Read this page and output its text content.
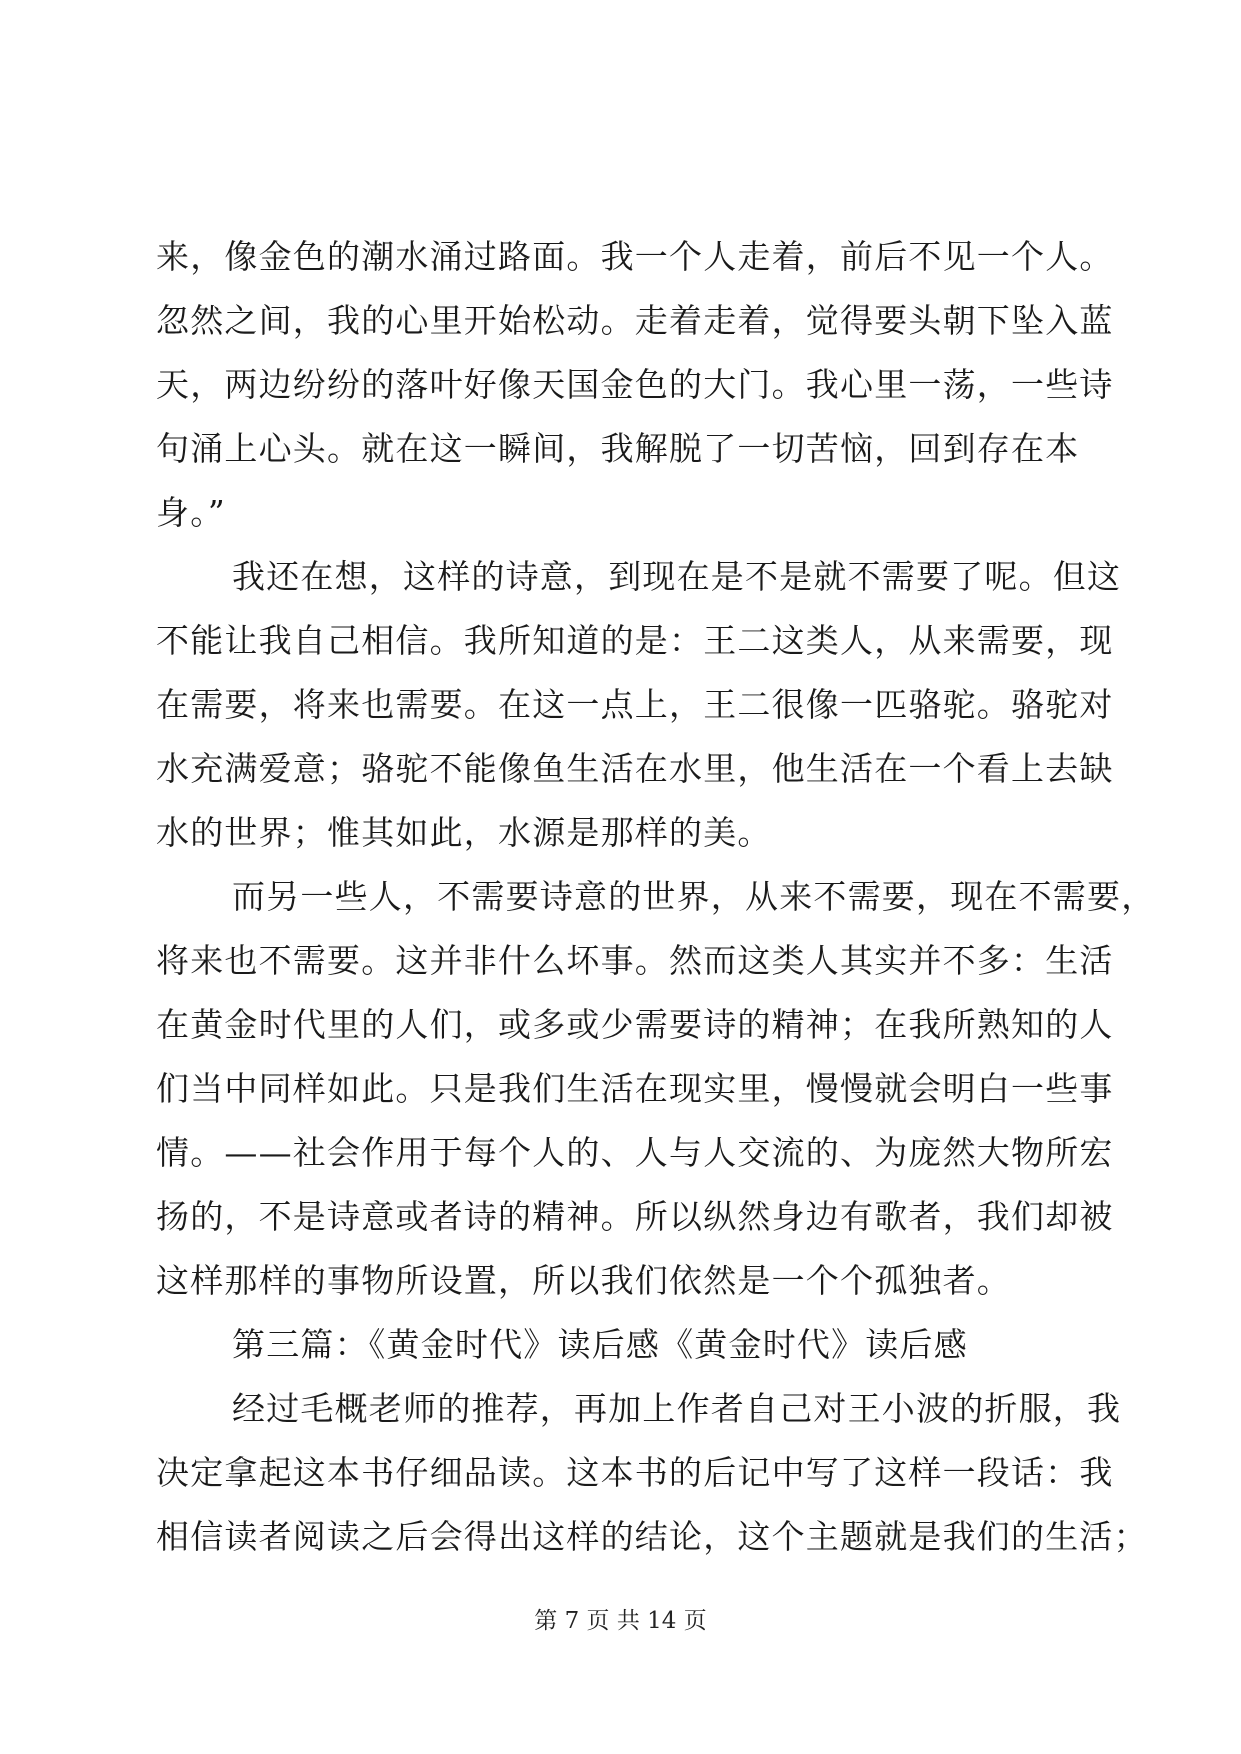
来，像金色的潮水涌过路面。我一个人走着，前后不见一个人。
忽然之间，我的心里开始松动。走着走着，觉得要头朝下坠入蓝
天，两边纷纷的落叶好像天国金色的大门。我心里一荡，一些诗
句涌上心头。就在这一瞬间，我解脱了一切苦恼，回到存在本
身。”
我还在想，这样的诗意，到现在是不是就不需要了呢。但这
不能让我自己相信。我所知道的是：王二这类人，从来需要，现
在需要，将来也需要。在这一点上，王二很像一匹骆驼。骆驼对
水充满爱意；骆驼不能像鱼生活在水里，他生活在一个看上去缺
水的世界；惟其如此，水源是那样的美。
而另一些人，不需要诗意的世界，从来不需要，现在不需要，
将来也不需要。这并非什么坏事。然而这类人其实并不多：生活
在黄金时代里的人们，或多或少需要诗的精神；在我所熟知的人
们当中同样如此。只是我们生活在现实里，慢慢就会明白一些事
情。——社会作用于每个人的、人与人交流的、为庞然大物所宏
扬的，不是诗意或者诗的精神。所以纵然身边有歌者，我们却被
这样那样的事物所设置，所以我们依然是一个个孤独者。
第三篇：《黄金时代》读后感《黄金时代》读后感
经过毛概老师的推荐，再加上作者自己对王小波的折服，我
决定拿起这本书仔细品读。这本书的后记中写了这样一段话：我
相信读者阅读之后会得出这样的结论，这个主题就是我们的生活；
第 7 页 共 14 页
